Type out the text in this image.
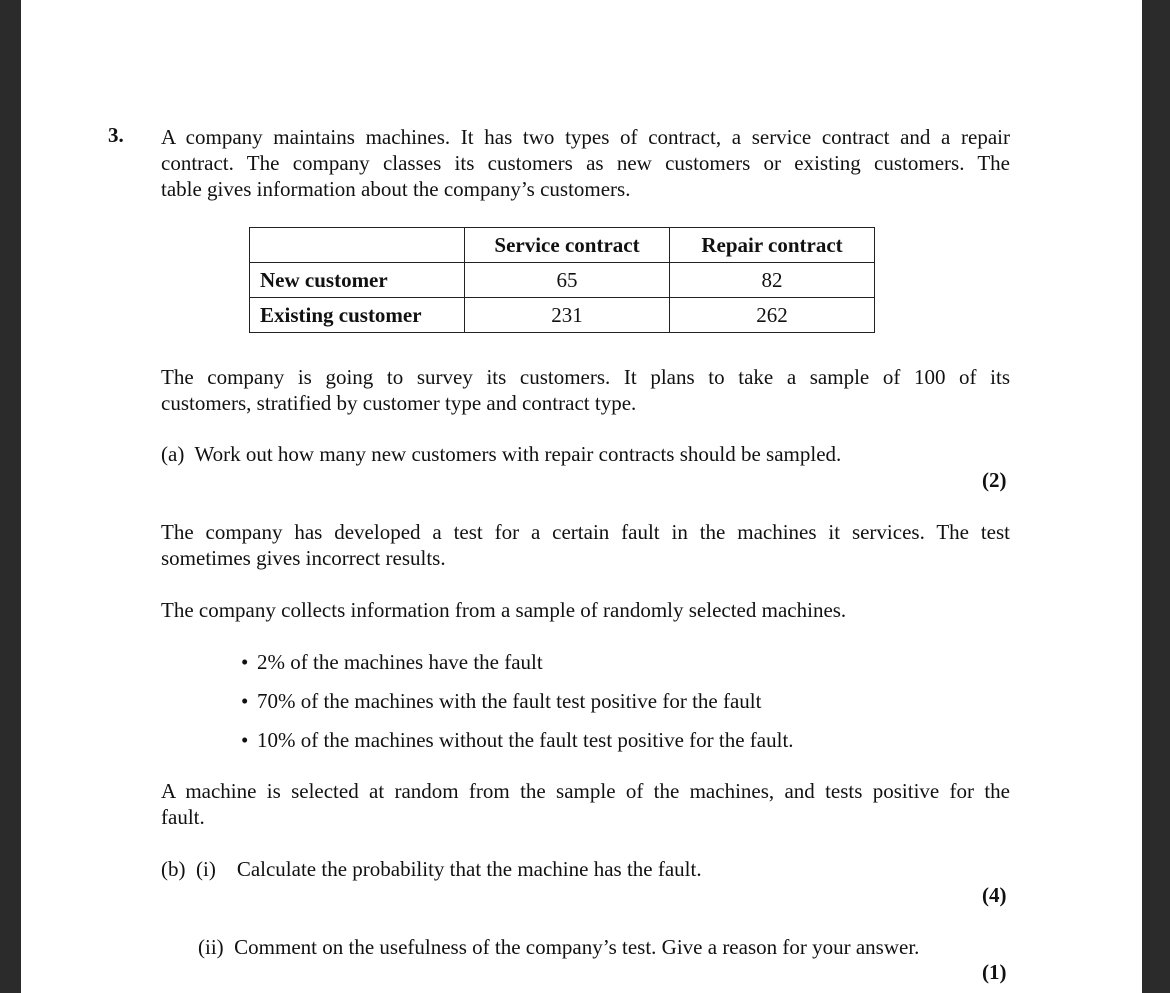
3. A company maintains machines. It has two types of contract, a service contract and a repair
contract. The company classes its customers as new customers or existing customers. The
table gives information about the company’s customers.
	Service contract	Repair contract
New customer	65	82
Existing customer	231	262
The company is going to survey its customers. It plans to take a sample of 100 of its
customers, stratified by customer type and contract type.
(a) Work out how many new customers with repair contracts should be sampled.
(2)
The company has developed a test for a certain fault in the machines it services. The test
sometimes gives incorrect results.
The company collects information from a sample of randomly selected machines.
• 2% of the machines have the fault
• 70% of the machines with the fault test positive for the fault
• 10% of the machines without the fault test positive for the fault.
A machine is selected at random from the sample of the machines, and tests positive for the
fault.
(b) (i) Calculate the probability that the machine has the fault.
(4)
(ii) Comment on the usefulness of the company’s test. Give a reason for your answer.
(1)
